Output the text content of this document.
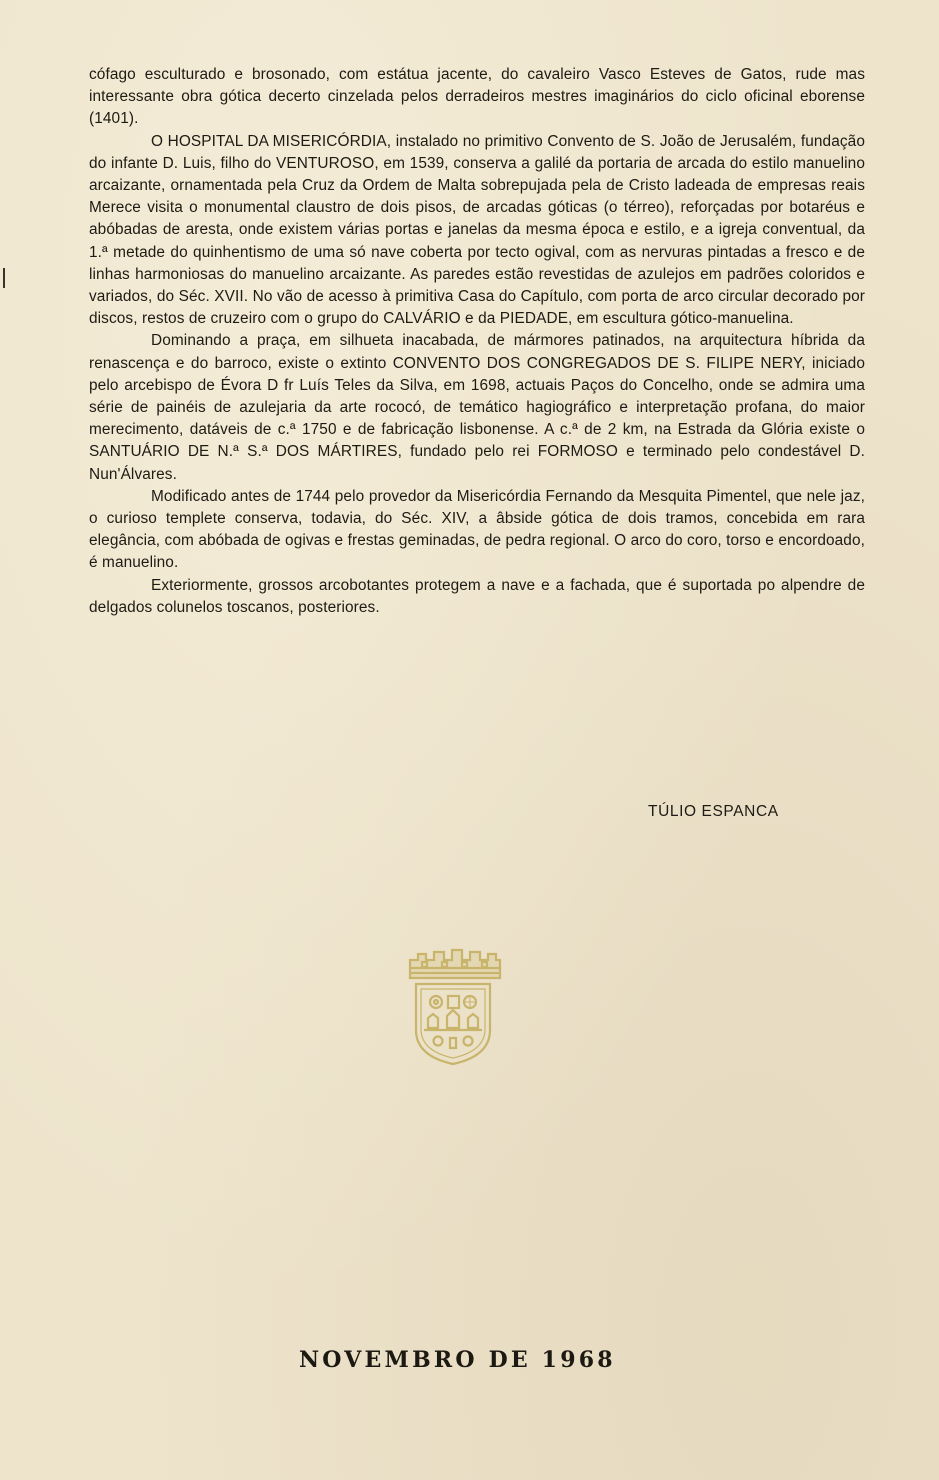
cófago esculturado e brosonado, com estátua jacente, do cavaleiro Vasco Esteves de Gatos, rude mas interessante obra gótica decerto cinzelada pelos derradeiros mestres imaginários do ciclo oficinal eborense (1401).

O HOSPITAL DA MISERICÓRDIA, instalado no primitivo Convento de S. João de Jerusalém, fundação do infante D. Luis, filho do VENTUROSO, em 1539, conserva a galilé da portaria de arcada do estilo manuelino arcaizante, ornamentada pela Cruz da Ordem de Malta sobrepujada pela de Cristo ladeada de empresas reais Merece visita o monumental claustro de dois pisos, de arcadas góticas (o térreo), reforçadas por botaréus e abóbadas de aresta, onde existem várias portas e janelas da mesma época e estilo, e a igreja conventual, da 1.ª metade do quinhentismo de uma só nave coberta por tecto ogival, com as nervuras pintadas a fresco e de linhas harmoniosas do manuelino arcaizante. As paredes estão revestidas de azulejos em padrões coloridos e variados, do Séc. XVII. No vão de acesso à primitiva Casa do Capítulo, com porta de arco circular decorado por discos, restos de cruzeiro com o grupo do CALVÁRIO e da PIEDADE, em escultura gótico-manuelina.

Dominando a praça, em silhueta inacabada, de mármores patinados, na arquitectura híbrida da renascença e do barroco, existe o extinto CONVENTO DOS CONGREGADOS DE S. FILIPE NERY, iniciado pelo arcebispo de Évora D fr Luís Teles da Silva, em 1698, actuais Paços do Concelho, onde se admira uma série de painéis de azulejaria da arte rococó, de temático hagiográfico e interpretação profana, do maior merecimento, datáveis de c.ª 1750 e de fabricação lisbonense. A c.ª de 2 km, na Estrada da Glória existe o SANTUÁRIO DE N.ª S.ª DOS MÁRTIRES, fundado pelo rei FORMOSO e terminado pelo condestável D. Nun'Álvares.

Modificado antes de 1744 pelo provedor da Misericórdia Fernando da Mesquita Pimentel, que nele jaz, o curioso templete conserva, todavia, do Séc. XIV, a âbside gótica de dois tramos, concebida em rara elegância, com abóbada de ogivas e frestas geminadas, de pedra regional. O arco do coro, torso e encordoado, é manuelino.

Exteriormente, grossos arcobotantes protegem a nave e a fachada, que é suportada po alpendre de delgados colunelos toscanos, posteriores.

TÚLIO ESPANCA
NOVEMBRO DE 1968
